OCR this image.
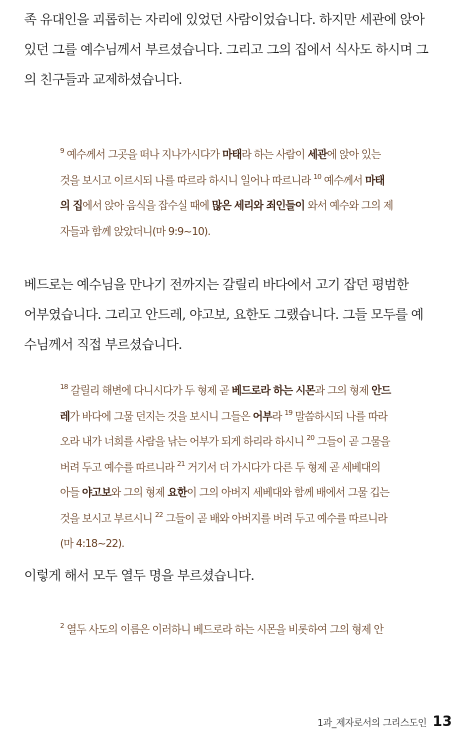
족 유대인을 괴롭히는 자리에 있었던 사람이었습니다. 하지만 세관에 앉아
있던 그를 예수님께서 부르셨습니다. 그리고 그의 집에서 식사도 하시며 그
의 친구들과 교제하셨습니다.

$^9$ 예수께서 그곳을 떠나 지나가시다가 마태라 하는 사람이 세관에 앉아 있는
것을 보시고 이르시되 나를 따르라 하시니 일어나 따르니라 $^{10}$ 예수께서 마태
의 집에서 앉아 음식을 잡수실 때에 많은 세리와 죄인들이 와서 예수와 그의 제
자들과 함께 앉았더니(마 9:9~10).

베드로는 예수님을 만나기 전까지는 갈릴리 바다에서 고기 잡던 평범한
어부였습니다. 그리고 안드레, 야고보, 요한도 그랬습니다. 그들 모두를 예
수님께서 직접 부르셨습니다.

$^{18}$ 갈릴리 해변에 다니시다가 두 형제 곧 베드로라 하는 시몬과 그의 형제 안드
레가 바다에 그물 던지는 것을 보시니 그들은 어부라 $^{19}$ 말씀하시되 나를 따라
오라 내가 너희를 사람을 낚는 어부가 되게 하리라 하시니 $^{20}$ 그들이 곧 그물을
버려 두고 예수를 따르니라 $^{21}$ 거기서 더 가시다가 다른 두 형제 곧 세베대의
아들 야고보와 그의 형제 요한이 그의 아버지 세베대와 함께 배에서 그물 깁는
것을 보시고 부르시니 $^{22}$ 그들이 곧 배와 아버지를 버려 두고 예수를 따르니라
(마 4:18~22).

이렇게 해서 모두 열두 명을 부르셨습니다.

$^2$ 열두 사도의 이름은 이러하니 베드로라 하는 시몬을 비롯하여 그의 형제 안
1과_제자로서의 그리스도인 13
